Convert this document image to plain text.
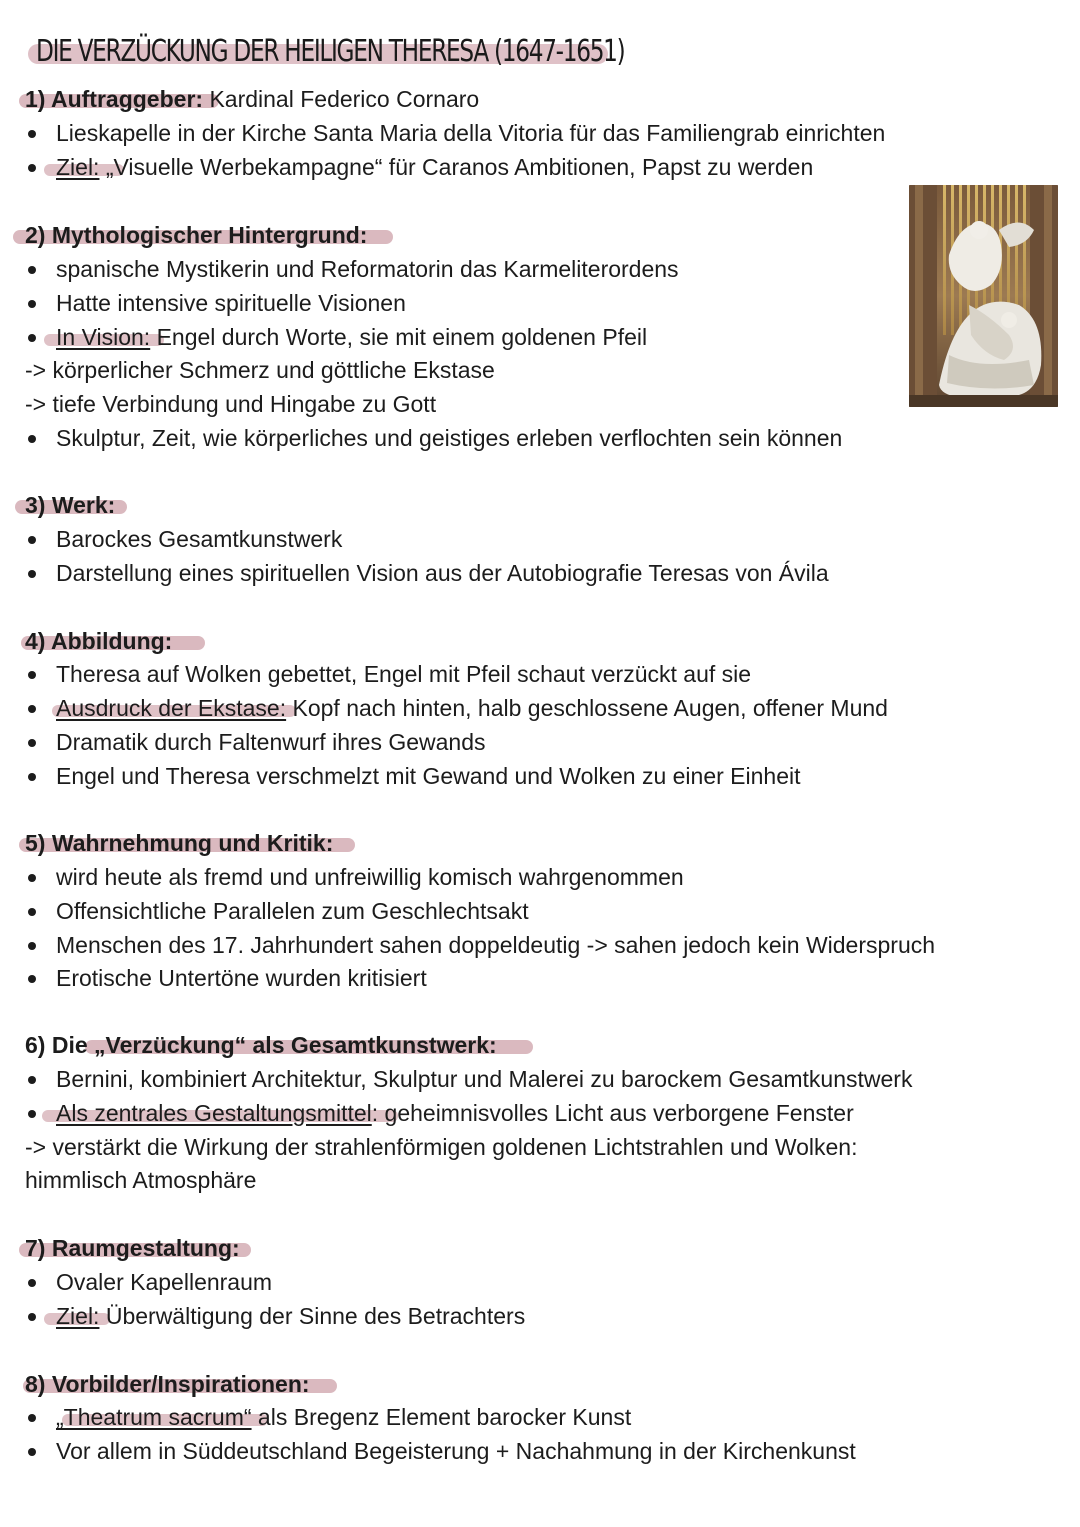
DIE VERZÜCKUNG DER HEILIGEN THERESA (1647-1651)
1) Auftraggeber: Kardinal Federico Cornaro
Lieskapelle in der Kirche Santa Maria della Vitoria für das Familiengrab einrichten
Ziel: „Visuelle Werbekampagne“ für Caranos Ambitionen, Papst zu werden
2) Mythologischer Hintergrund:
spanische Mystikerin und Reformatorin das Karmeliterordens
Hatte intensive spirituelle Visionen
In Vision: Engel durch Worte, sie mit einem goldenen Pfeil
-> körperlicher Schmerz und göttliche Ekstase
-> tiefe Verbindung und Hingabe zu Gott
Skulptur, Zeit, wie körperliches und geistiges erleben verflochten sein können
3) Werk:
Barockes Gesamtkunstwerk
Darstellung eines spirituellen Vision aus der Autobiografie Teresas von Ávila
4) Abbildung:
Theresa auf Wolken gebettet, Engel mit Pfeil schaut verzückt auf sie
Ausdruck der Ekstase: Kopf nach hinten, halb geschlossene Augen, offener Mund
Dramatik durch Faltenwurf ihres Gewands
Engel und Theresa verschmelzt mit Gewand und Wolken zu einer Einheit
5) Wahrnehmung und Kritik:
wird heute als fremd und unfreiwillig komisch wahrgenommen
Offensichtliche Parallelen zum Geschlechtsakt
Menschen des 17. Jahrhundert sahen doppeldeutig -> sahen jedoch kein Widerspruch
Erotische Untertöne wurden kritisiert
6) Die „Verzückung“ als Gesamtkunstwerk:
Bernini, kombiniert Architektur, Skulptur und Malerei zu barockem Gesamtkunstwerk
Als zentrales Gestaltungsmittel: geheimnisvolles Licht aus verborgene Fenster
-> verstärkt die Wirkung der strahlenförmigen goldenen Lichtstrahlen und Wolken:
himmlisch Atmosphäre
7) Raumgestaltung:
Ovaler Kapellenraum
Ziel: Überwältigung der Sinne des Betrachters
8) Vorbilder/Inspirationen:
„Theatrum sacrum“ als Bregenz Element barocker Kunst
Vor allem in Süddeutschland Begeisterung + Nachahmung in der Kirchenkunst
